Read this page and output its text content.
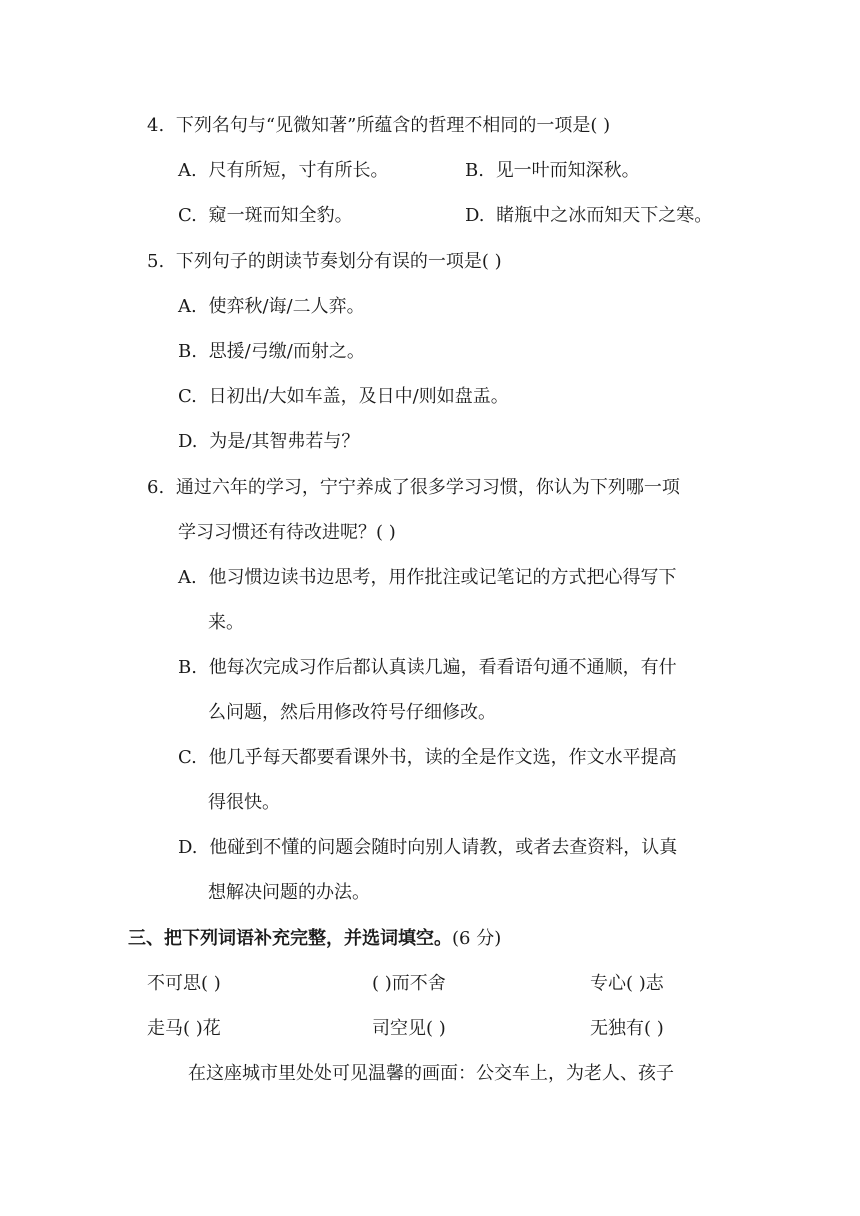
4. 下列名句与“见微知著”所蕴含的哲理不相同的一项是( )
A. 尺有所短，寸有所长。	B. 见一叶而知深秋。
C. 窥一斑而知全豹。	D. 睹瓶中之冰而知天下之寒。
5. 下列句子的朗读节奏划分有误的一项是( )
A. 使弈秋/诲/二人弈。
B. 思援/弓缴/而射之。
C. 日初出/大如车盖，及日中/则如盘盂。
D. 为是/其智弗若与？
6. 通过六年的学习，宁宁养成了很多学习习惯，你认为下列哪一项
学习习惯还有待改进呢？( )
A. 他习惯边读书边思考，用作批注或记笔记的方式把心得写下
来。
B. 他每次完成习作后都认真读几遍，看看语句通不通顺，有什
么问题，然后用修改符号仔细修改。
C. 他几乎每天都要看课外书，读的全是作文选，作文水平提高
得很快。
D. 他碰到不懂的问题会随时向别人请教，或者去查资料，认真
想解决问题的办法。
三、把下列词语补充完整，并选词填空。(6 分)
不可思( )	( )而不舍	专心( )志
走马( )花	司空见( )	无独有( )
在这座城市里处处可见温馨的画面：公交车上，为老人、孩子
